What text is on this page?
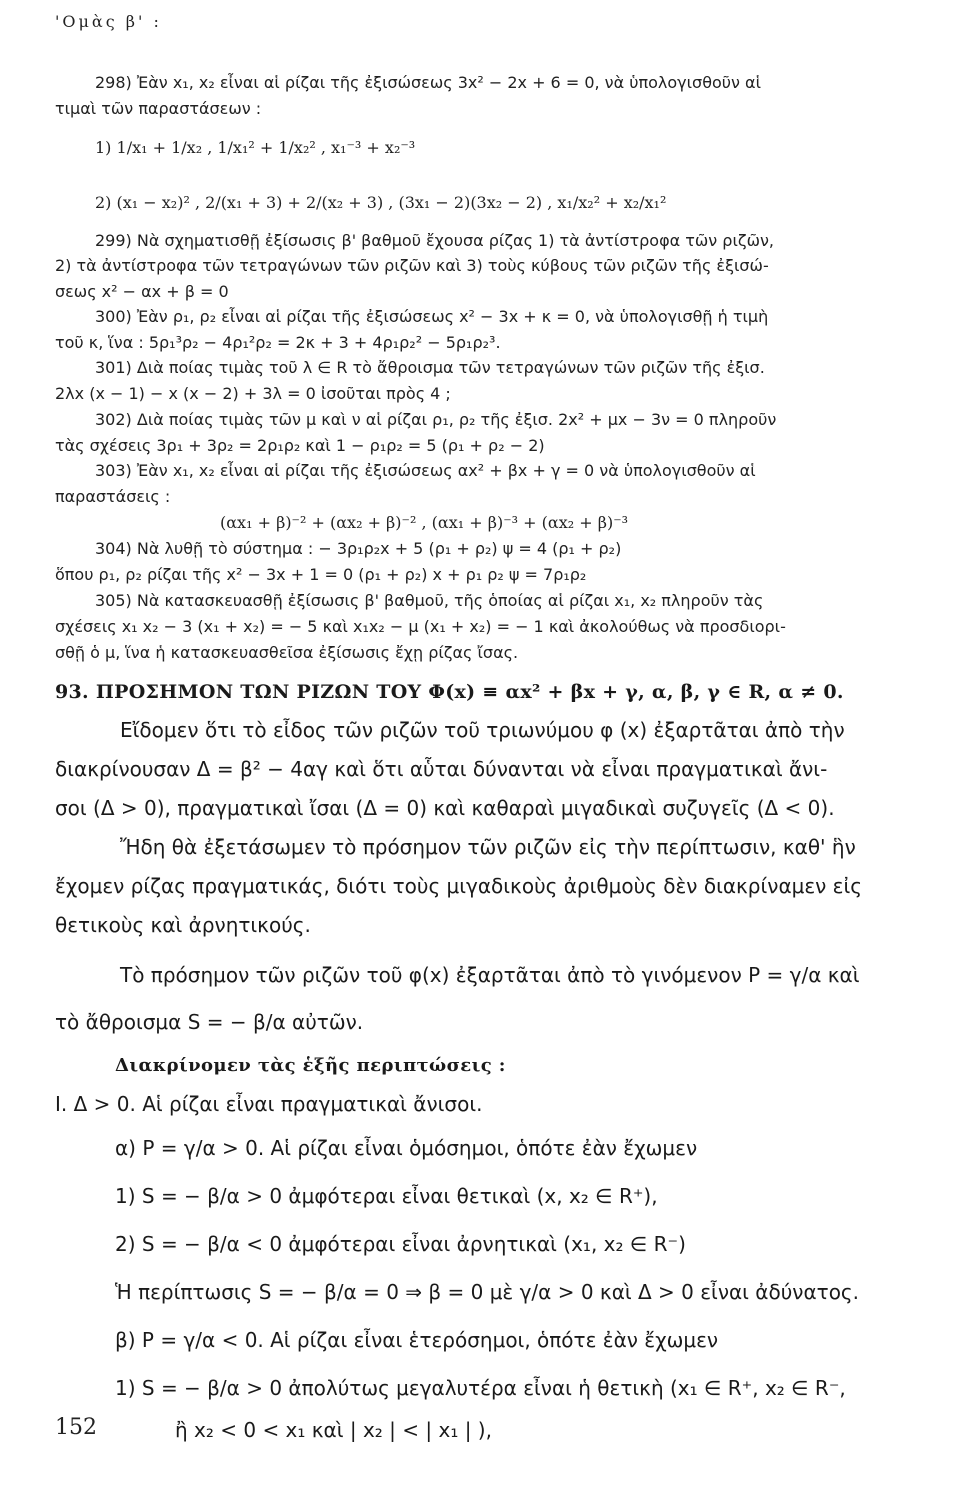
'Ομὰς β' :
298) Ἐὰν x₁, x₂ εἶναι αἱ ρίζαι τῆς ἐξισώσεως 3x² − 2x + 6 = 0, νὰ ὑπολογισθοῦν αἱ
τιμαὶ τῶν παραστάσεων :
1) 1/x₁ + 1/x₂ , 1/x₁² + 1/x₂² , x₁⁻³ + x₂⁻³
2) (x₁ − x₂)² , 2/(x₁ + 3) + 2/(x₂ + 3) , (3x₁ − 2)(3x₂ − 2) , x₁/x₂² + x₂/x₁²
299) Νὰ σχηματισθῇ ἐξίσωσις β' βαθμοῦ ἔχουσα ρίζας 1) τὰ ἀντίστροφα τῶν ριζῶν,
2) τὰ ἀντίστροφα τῶν τετραγώνων τῶν ριζῶν καὶ 3) τοὺς κύβους τῶν ριζῶν τῆς ἐξισώ-
σεως x² − αx + β = 0
300) Ἐὰν ρ₁, ρ₂ εἶναι αἱ ρίζαι τῆς ἐξισώσεως x² − 3x + κ = 0, νὰ ὑπολογισθῇ ἡ τιμὴ
τοῦ κ, ἵνα : 5ρ₁³ρ₂ − 4ρ₁²ρ₂ = 2κ + 3 + 4ρ₁ρ₂² − 5ρ₁ρ₂³.
301) Διὰ ποίας τιμὰς τοῦ λ ∈ R τὸ ἄθροισμα τῶν τετραγώνων τῶν ριζῶν τῆς ἐξισ.
2λx (x − 1) − x (x − 2) + 3λ = 0 ἰσοῦται πρὸς 4 ;
302) Διὰ ποίας τιμὰς τῶν μ καὶ ν αἱ ρίζαι ρ₁, ρ₂ τῆς ἐξισ. 2x² + μx − 3ν = 0 πληροῦν
τὰς σχέσεις 3ρ₁ + 3ρ₂ = 2ρ₁ρ₂ καὶ 1 − ρ₁ρ₂ = 5 (ρ₁ + ρ₂ − 2)
303) Ἐὰν x₁, x₂ εἶναι αἱ ρίζαι τῆς ἐξισώσεως αx² + βx + γ = 0 νὰ ὑπολογισθοῦν αἱ
παραστάσεις :
(αx₁ + β)⁻² + (αx₂ + β)⁻² , (αx₁ + β)⁻³ + (αx₂ + β)⁻³
304) Νὰ λυθῇ τὸ σύστημα : − 3ρ₁ρ₂x + 5 (ρ₁ + ρ₂) ψ = 4 (ρ₁ + ρ₂)
ὅπου ρ₁, ρ₂ ρίζαι τῆς x² − 3x + 1 = 0 (ρ₁ + ρ₂) x + ρ₁ ρ₂ ψ = 7ρ₁ρ₂
305) Νὰ κατασκευασθῇ ἐξίσωσις β' βαθμοῦ, τῆς ὁποίας αἱ ρίζαι x₁, x₂ πληροῦν τὰς
σχέσεις x₁ x₂ − 3 (x₁ + x₂) = − 5 καὶ x₁x₂ − μ (x₁ + x₂) = − 1 καὶ ἀκολούθως νὰ προσδιορι-
σθῇ ὁ μ, ἵνα ἡ κατασκευασθεῖσα ἐξίσωσις ἔχῃ ρίζας ἴσας.
93. ΠΡΟΣΗΜΟΝ ΤΩΝ ΡΙΖΩΝ ΤΟΥ Φ(x) ≡ αx² + βx + γ, α, β, γ ∈ R, α ≠ 0.
Εἴδομεν ὅτι τὸ εἶδος τῶν ριζῶν τοῦ τριωνύμου φ (x) ἐξαρτᾶται ἀπὸ τὴν
διακρίνουσαν Δ = β² − 4αγ καὶ ὅτι αὗται δύνανται νὰ εἶναι πραγματικαὶ ἄνι-
σοι (Δ > 0), πραγματικαὶ ἴσαι (Δ = 0) καὶ καθαραὶ μιγαδικαὶ συζυγεῖς (Δ < 0).
Ἤδη θὰ ἐξετάσωμεν τὸ πρόσημον τῶν ριζῶν εἰς τὴν περίπτωσιν, καθ' ἣν
ἔχομεν ρίζας πραγματικάς, διότι τοὺς μιγαδικοὺς ἀριθμοὺς δὲν διακρίναμεν εἰς
θετικοὺς καὶ ἀρνητικούς.
Τὸ πρόσημον τῶν ριζῶν τοῦ φ(x) ἐξαρτᾶται ἀπὸ τὸ γινόμενον P = γ/α καὶ
τὸ ἄθροισμα S = − β/α αὐτῶν.
Διακρίνομεν τὰς ἑξῆς περιπτώσεις :
I. Δ > 0. Αἱ ρίζαι εἶναι πραγματικαὶ ἄνισοι.
α) P = γ/α > 0. Αἱ ρίζαι εἶναι ὁμόσημοι, ὁπότε ἐὰν ἔχωμεν
1) S = − β/α > 0 ἀμφότεραι εἶναι θετικαὶ (x, x₂ ∈ R⁺),
2) S = − β/α < 0 ἀμφότεραι εἶναι ἀρνητικαὶ (x₁, x₂ ∈ R⁻)
Ἡ περίπτωσις S = − β/α = 0 ⇒ β = 0 μὲ γ/α > 0 καὶ Δ > 0 εἶναι ἀδύνατος.
β) P = γ/α < 0. Αἱ ρίζαι εἶναι ἑτερόσημοι, ὁπότε ἐὰν ἔχωμεν
1) S = − β/α > 0 ἀπολύτως μεγαλυτέρα εἶναι ἡ θετικὴ (x₁ ∈ R⁺, x₂ ∈ R⁻,
ἢ x₂ < 0 < x₁ καὶ | x₂ | < | x₁ | ),
152
